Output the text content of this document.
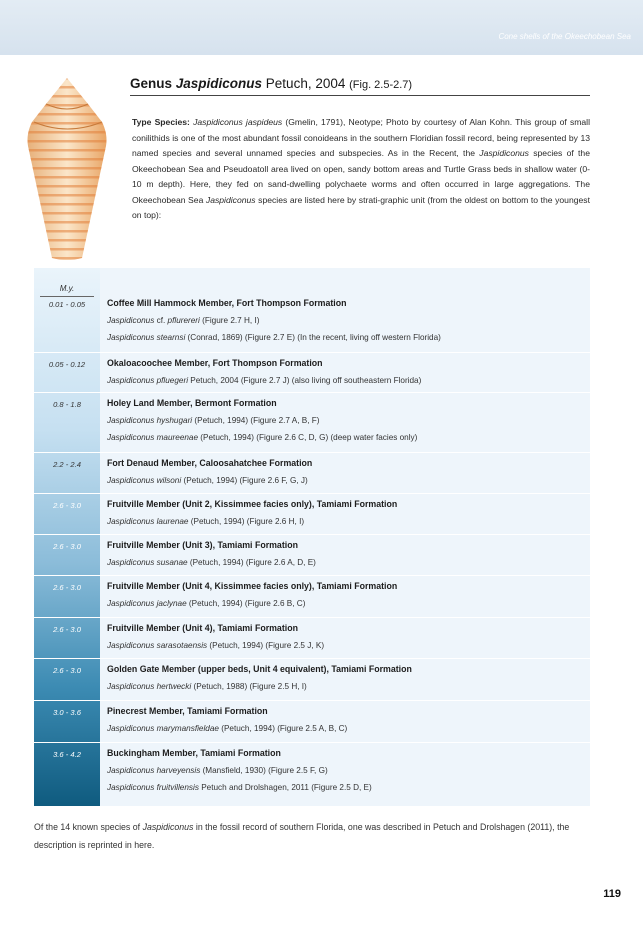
Cone shells of the Okeechobean Sea
Genus Jaspidiconus Petuch, 2004 (Fig. 2.5-2.7)
Type Species: Jaspidiconus jaspideus (Gmelin, 1791), Neotype; Photo by courtesy of Alan Kohn. This group of small conilithids is one of the most abundant fossil conoideans in the southern Floridian fossil record, being represented by 13 named species and several unnamed species and subspecies. As in the Recent, the Jaspidiconus species of the Okeechobean Sea and Pseudoatoll area lived on open, sandy bottom areas and Turtle Grass beds in shallow water (0-10 m depth). Here, they fed on sand-dwelling polychaete worms and often occurred in large aggregations. The Okeechobean Sea Jaspidiconus species are listed here by strati-graphic unit (from the oldest on bottom to the youngest on top):
M.y.
0.01 - 0.05	Coffee Mill Hammock Member, Fort Thompson Formation
Jaspidiconus cf. pflurereri (Figure 2.7 H, I)
Jaspidiconus stearnsi (Conrad, 1869) (Figure 2.7 E) (In the recent, living off western Florida)
0.05 - 0.12	Okaloacoochee Member, Fort Thompson Formation
Jaspidiconus pfluegeri Petuch, 2004 (Figure 2.7 J) (also living off southeastern Florida)
0.8 - 1.8	Holey Land Member, Bermont Formation
Jaspidiconus hyshugari (Petuch, 1994) (Figure 2.7 A, B, F)
Jaspidiconus maureenae (Petuch, 1994) (Figure 2.6 C, D, G) (deep water facies only)
2.2 - 2.4	Fort Denaud Member, Caloosahatchee Formation
Jaspidiconus wilsoni (Petuch, 1994) (Figure 2.6 F, G, J)
2.6 - 3.0	Fruitville Member (Unit 2, Kissimmee facies only), Tamiami Formation
Jaspidiconus laurenae (Petuch, 1994) (Figure 2.6 H, I)
2.6 - 3.0	Fruitville Member (Unit 3), Tamiami Formation
Jaspidiconus susanae (Petuch, 1994) (Figure 2.6 A, D, E)
2.6 - 3.0	Fruitville Member (Unit 4, Kissimmee facies only), Tamiami Formation
Jaspidiconus jaclynae (Petuch, 1994) (Figure 2.6 B, C)
2.6 - 3.0	Fruitville Member (Unit 4), Tamiami Formation
Jaspidiconus sarasotaensis (Petuch, 1994) (Figure 2.5 J, K)
2.6 - 3.0	Golden Gate Member (upper beds, Unit 4 equivalent), Tamiami Formation
Jaspidiconus hertwecki (Petuch, 1988) (Figure 2.5 H, I)
3.0 - 3.6	Pinecrest Member, Tamiami Formation
Jaspidiconus marymansfieldae (Petuch, 1994) (Figure 2.5 A, B, C)
3.6 - 4.2	Buckingham Member, Tamiami Formation
Jaspidiconus harveyensis (Mansfield, 1930) (Figure 2.5 F, G)
Jaspidiconus fruitvillensis Petuch and Drolshagen, 2011 (Figure 2.5 D, E)
Of the 14 known species of Jaspidiconus in the fossil record of southern Florida, one was described in Petuch and Drolshagen (2011), the description is reprinted in here.
119
